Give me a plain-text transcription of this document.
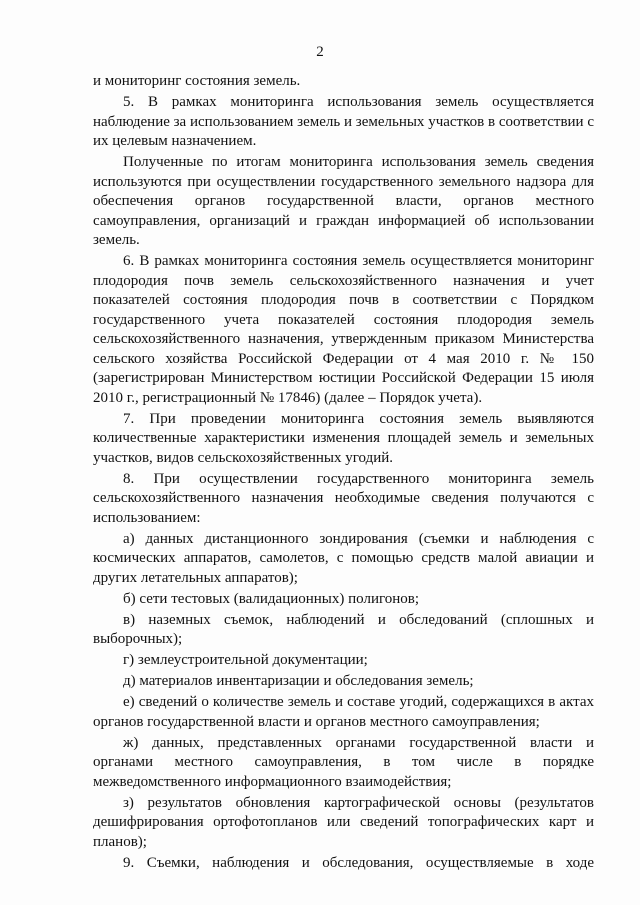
2

и мониторинг состояния земель.

5. В рамках мониторинга использования земель осуществляется наблюдение за использованием земель и земельных участков в соответствии с их целевым назначением.

Полученные по итогам мониторинга использования земель сведения используются при осуществлении государственного земельного надзора для обеспечения органов государственной власти, органов местного самоуправления, организаций и граждан информацией об использовании земель.

6. В рамках мониторинга состояния земель осуществляется мониторинг плодородия почв земель сельскохозяйственного назначения и учет показателей состояния плодородия почв в соответствии с Порядком государственного учета показателей состояния плодородия земель сельскохозяйственного назначения, утвержденным приказом Министерства сельского хозяйства Российской Федерации от 4 мая 2010 г. № 150 (зарегистрирован Министерством юстиции Российской Федерации 15 июля 2010 г., регистрационный № 17846) (далее – Порядок учета).

7. При проведении мониторинга состояния земель выявляются количественные характеристики изменения площадей земель и земельных участков, видов сельскохозяйственных угодий.

8. При осуществлении государственного мониторинга земель сельскохозяйственного назначения необходимые сведения получаются с использованием:

а) данных дистанционного зондирования (съемки и наблюдения с космических аппаратов, самолетов, с помощью средств малой авиации и других летательных аппаратов);

б) сети тестовых (валидационных) полигонов;

в) наземных съемок, наблюдений и обследований (сплошных и выборочных);

г) землеустроительной документации;

д) материалов инвентаризации и обследования земель;

е) сведений о количестве земель и составе угодий, содержащихся в актах органов государственной власти и органов местного самоуправления;

ж) данных, представленных органами государственной власти и органами местного самоуправления, в том числе в порядке межведомственного информационного взаимодействия;

з) результатов обновления картографической основы (результатов дешифрирования ортофотопланов или сведений топографических карт и планов);

9. Съемки, наблюдения и обследования, осуществляемые в ходе
